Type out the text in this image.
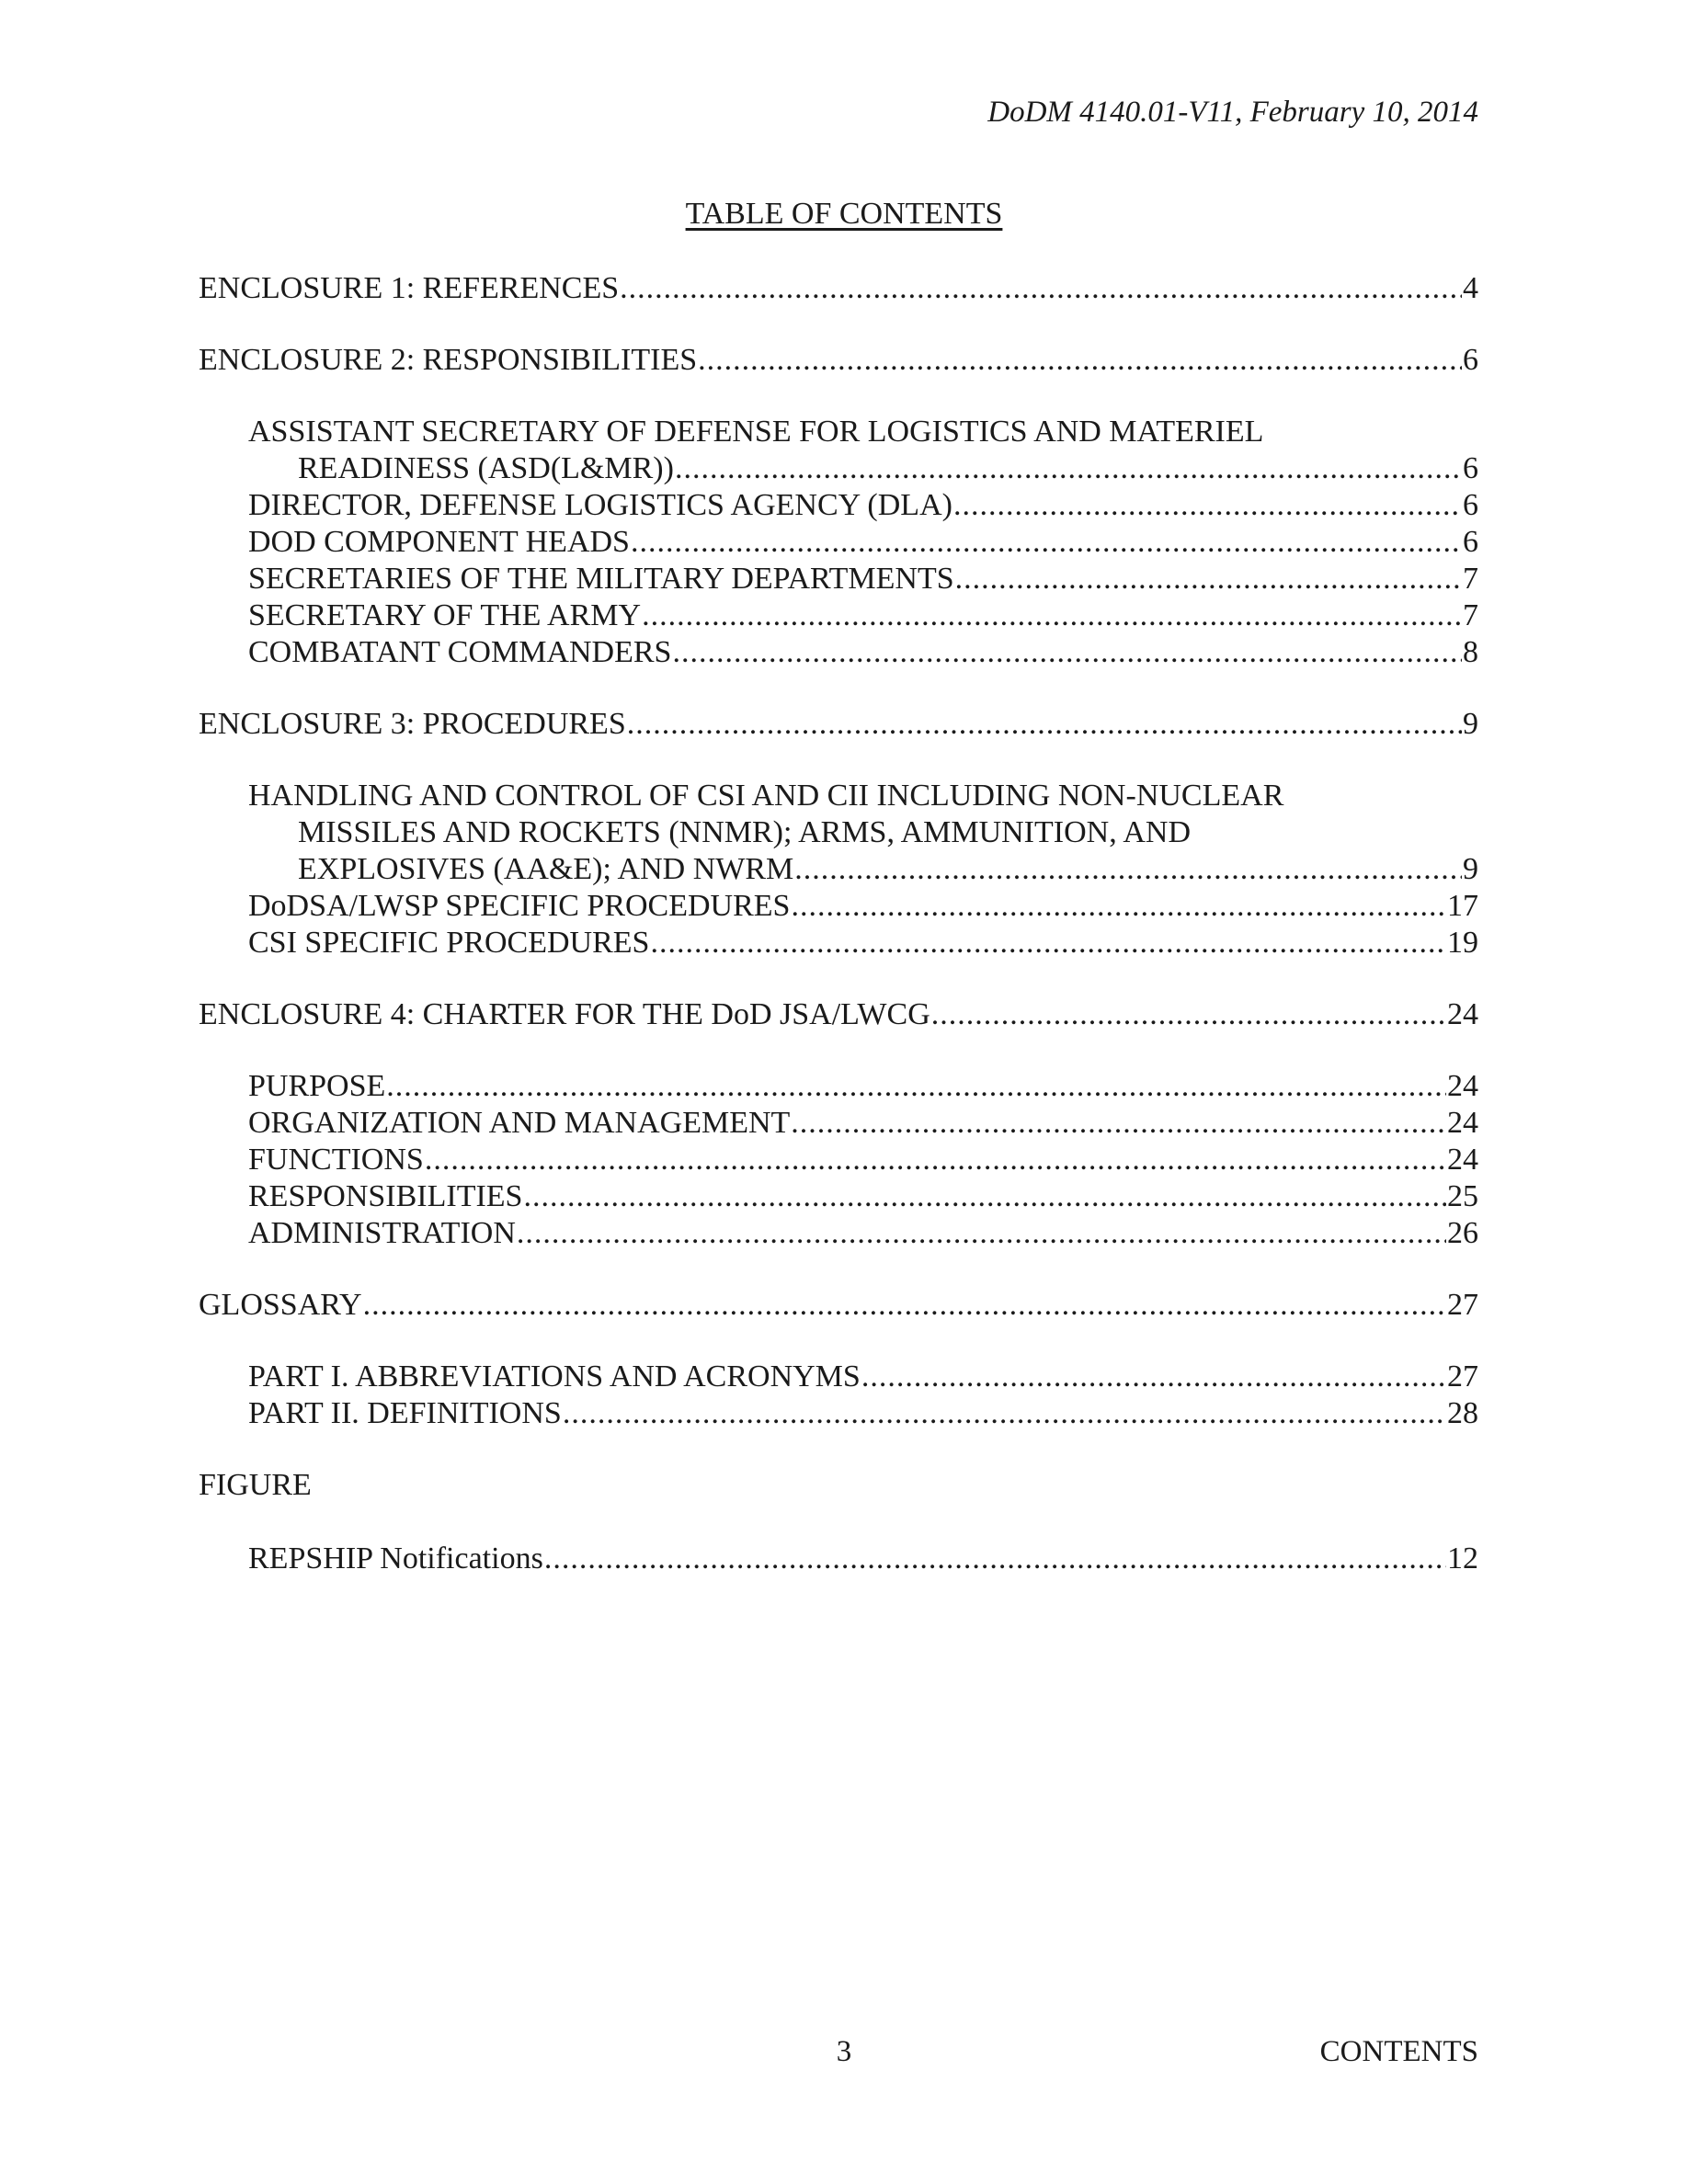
DoDM 4140.01-V11, February 10, 2014
TABLE OF CONTENTS
ENCLOSURE 1: REFERENCES .....	4
ENCLOSURE 2: RESPONSIBILITIES .....	6
ASSISTANT SECRETARY OF DEFENSE FOR LOGISTICS AND MATERIEL
READINESS (ASD(L&MR)) .....	6
DIRECTOR, DEFENSE LOGISTICS AGENCY (DLA) .....	6
DOD COMPONENT HEADS .....	6
SECRETARIES OF THE MILITARY DEPARTMENTS .....	7
SECRETARY OF THE ARMY .....	7
COMBATANT COMMANDERS .....	8
ENCLOSURE 3: PROCEDURES .....	9
HANDLING AND CONTROL OF CSI AND CII INCLUDING NON-NUCLEAR
MISSILES AND ROCKETS (NNMR); ARMS, AMMUNITION, AND
EXPLOSIVES (AA&E); AND NWRM .....	9
DoDSA/LWSP SPECIFIC PROCEDURES .....	17
CSI SPECIFIC PROCEDURES .....	19
ENCLOSURE 4: CHARTER FOR THE DoD JSA/LWCG .....	24
PURPOSE .....	24
ORGANIZATION AND MANAGEMENT .....	24
FUNCTIONS .....	24
RESPONSIBILITIES .....	25
ADMINISTRATION .....	26
GLOSSARY .....	27
PART I. ABBREVIATIONS AND ACRONYMS .....	27
PART II. DEFINITIONS .....	28
FIGURE
REPSHIP Notifications .....	12
3	CONTENTS
